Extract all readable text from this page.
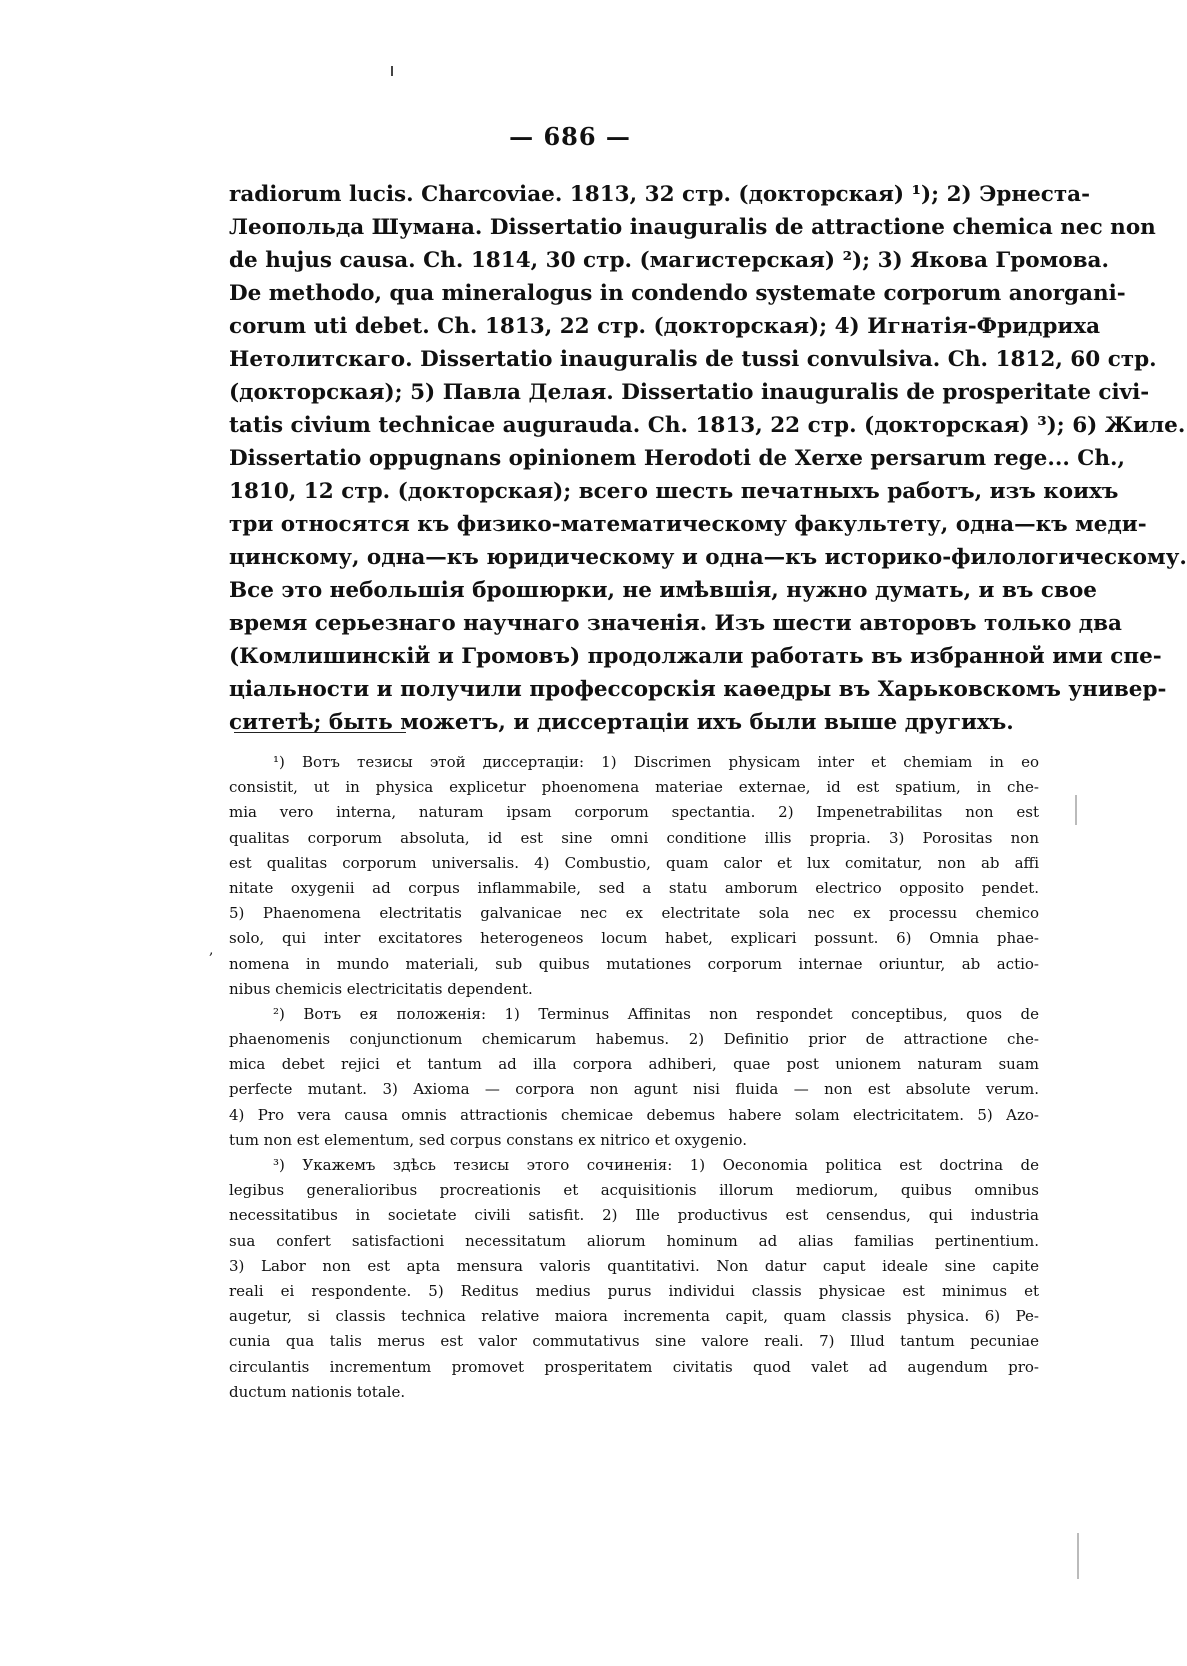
— 686 —
radiorum lucis. Charcoviae. 1813, 32 стр. (докторская) ¹); 2) Эрнеста-
Леопольда Шумана. Dissertatio inauguralis de attractione chemica nec non
de hujus causa. Ch. 1814, 30 стр. (магистерская) ²); 3) Якова Громова.
De methodo, qua mineralogus in condendo systemate corporum anorgani-
corum uti debet. Ch. 1813, 22 стр. (докторская); 4) Игнатія-Фридриха
Нетолитскаго. Dissertatio inauguralis de tussi convulsiva. Ch. 1812, 60 стр.
(докторская); 5) Павла Делая. Dissertatio inauguralis de prosperitate civi-
tatis civium technicae augurauda. Ch. 1813, 22 стр. (докторская) ³); 6) Жиле.
Dissertatio oppugnans opinionem Herodoti de Xerxe persarum rege... Ch.,
1810, 12 стр. (докторская); всего шесть печатныхъ работъ, изъ коихъ
три относятся къ физико-математическому факультету, одна—къ меди-
цинскому, одна—къ юридическому и одна—къ историко-филологическому.
Все это небольшія брошюрки, не имѣвшія, нужно думать, и въ свое
время серьезнаго научнаго значенія. Изъ шести авторовъ только два
(Комлишинскій и Громовъ) продолжали работать въ избранной ими спе-
ціальности и получили профессорскія каѳедры въ Харьковскомъ универ-
ситетѣ; быть можетъ, и диссертаціи ихъ были выше другихъ.
¹) Вотъ тезисы этой диссертаціи: 1) Discrimen physicam inter et chemiam in eo
consistit, ut in physica explicetur phoenomena materiae externae, id est spatium, in che-
mia vero interna, naturam ipsam corporum spectantia. 2) Impenetrabilitas non est
qualitas corporum absoluta, id est sine omni conditione illis propria. 3) Porositas non
est qualitas corporum universalis. 4) Combustio, quam calor et lux comitatur, non ab affi
nitate oxygenii ad corpus inflammabile, sed a statu amborum electrico opposito pendet.
5) Phaenomena electritatis galvanicae nec ex electritate sola nec ex processu chemico
solo, qui inter excitatores heterogeneos locum habet, explicari possunt. 6) Omnia phae-
nomena in mundo materiali, sub quibus mutationes corporum internae oriuntur, ab actio-
nibus chemicis electricitatis dependent.
²) Вотъ ея положенія: 1) Terminus Affinitas non respondet conceptibus, quos de
phaenomenis conjunctionum chemicarum habemus. 2) Definitio prior de attractione che-
mica debet rejici et tantum ad illa corpora adhiberi, quae post unionem naturam suam
perfecte mutant. 3) Axioma — corpora non agunt nisi fluida — non est absolute verum.
4) Pro vera causa omnis attractionis chemicae debemus habere solam electricitatem. 5) Azo-
tum non est elementum, sed corpus constans ex nitrico et oxygenio.
³) Укажемъ здѣсь тезисы этого сочиненія: 1) Oeconomia politica est doctrina de
legibus generalioribus procreationis et acquisitionis illorum mediorum, quibus omnibus
necessitatibus in societate civili satisfit. 2) Ille productivus est censendus, qui industria
sua confert satisfactioni necessitatum aliorum hominum ad alias familias pertinentium.
3) Labor non est apta mensura valoris quantitativi. Non datur caput ideale sine capite
reali ei respondente. 5) Reditus medius purus individui classis physicae est minimus et
augetur, si classis technica relative maiora incrementa capit, quam classis physica. 6) Pe-
cunia qua talis merus est valor commutativus sine valore reali. 7) Illud tantum pecuniae
circulantis incrementum promovet prosperitatem civitatis quod valet ad augendum pro-
ductum nationis totale.
,
